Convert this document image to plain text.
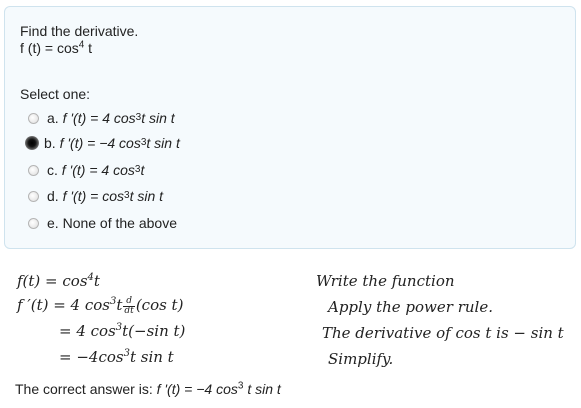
Find the derivative.
f $(t) = \cos^4 t$
Select one:
a.
f '(t) = 4 cos 3 t sin t
b.
f '(t) = −4 cos 3 t sin t
c.
f '(t) = 4 cos 3 t
d.
f '(t) = cos 3 t sin t
e.
None of the above
$f(t) = \cos^4t$
f ′(t) = 4 $\cos^3t \frac{d}{dt} (\cos$ t)
= 4 $\cos^3t(-\sin$ t)
= $-4\cos^3t$ sin t
Write the function
Apply the power rule.
The derivative of cos t is − sin t
Simplify.
The correct answer is: f '(t) = −4 $\cos^3 t$ sin t
